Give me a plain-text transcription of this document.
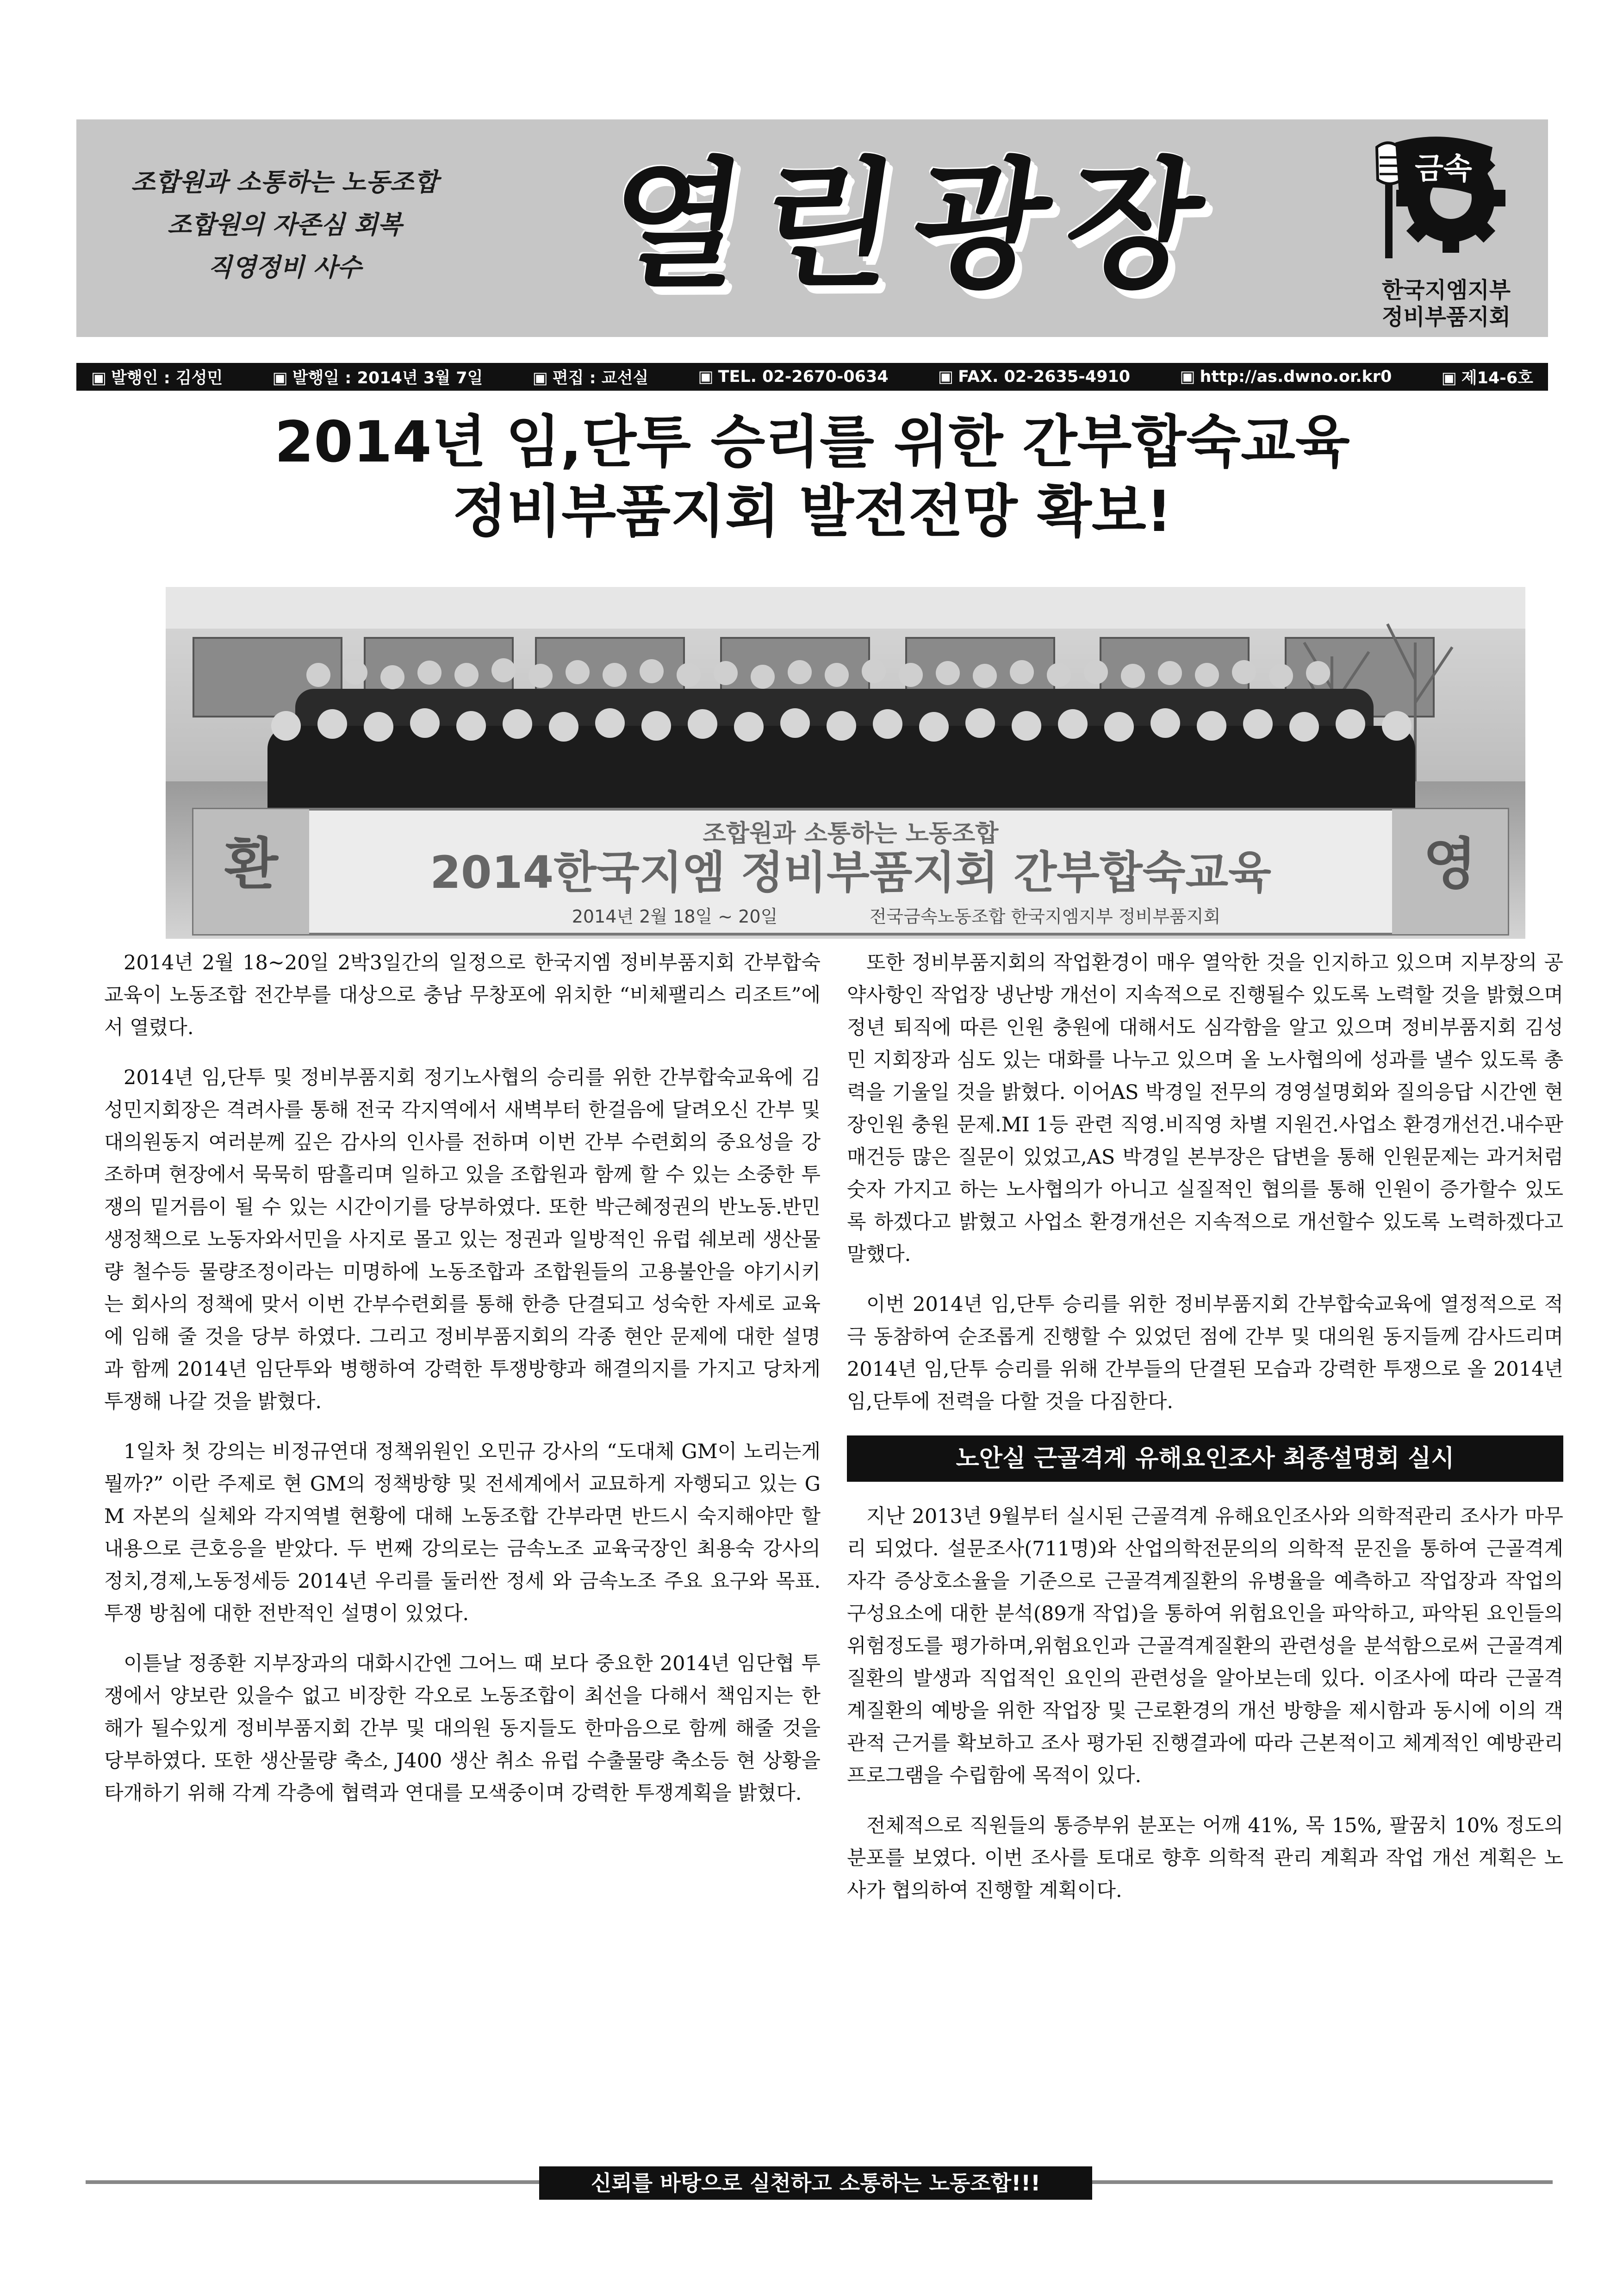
조합원과 소통하는 노동조합
조합원의 자존심 회복
직영정비 사수	열린광장	금속
한국지엠지부
정비부품지회
▣ 발행인 : 김성민	▣ 발행일 : 2014년 3월 7일	▣ 편집 : 교선실	▣ TEL. 02-2670-0634	▣ FAX. 02-2635-4910	▣ http://as.dwno.or.kr0	▣ 제14-6호
2014년 임,단투 승리를 위한 간부합숙교육
정비부품지회 발전전망 확보!
환	영
조합원과 소통하는 노동조합
2014한국지엠 정비부품지회 간부합숙교육
2014년 2월 18일 ~ 20일	전국금속노동조합 한국지엠지부 정비부품지회

2014년 2월 18~20일 2박3일간의 일정으로 한국지엠 정비부품지회 간부합숙교육이 노동조합 전간부를 대상으로 충남 무창포에 위치한 “비체팰리스 리조트”에서 열렸다.

2014년 임,단투 및 정비부품지회 정기노사협의 승리를 위한 간부합숙교육에 김성민지회장은 격려사를 통해 전국 각지역에서 새벽부터 한걸음에 달려오신 간부 및 대의원동지 여러분께 깊은 감사의 인사를 전하며 이번 간부 수련회의 중요성을 강조하며 현장에서 묵묵히 땀흘리며 일하고 있을 조합원과 함께 할 수 있는 소중한 투쟁의 밑거름이 될 수 있는 시간이기를 당부하였다. 또한 박근혜정권의 반노동.반민생정책으로 노동자와서민을 사지로 몰고 있는 정권과 일방적인 유럽 쉐보레 생산물량 철수등 물량조정이라는 미명하에 노동조합과 조합원들의 고용불안을 야기시키는 회사의 정책에 맞서 이번 간부수련회를 통해 한층 단결되고 성숙한 자세로 교육에 임해 줄 것을 당부 하였다. 그리고 정비부품지회의 각종 현안 문제에 대한 설명과 함께 2014년 임단투와 병행하여 강력한 투쟁방향과 해결의지를 가지고 당차게 투쟁해 나갈 것을 밝혔다.

1일차 첫 강의는 비정규연대 정책위원인 오민규 강사의 “도대체 GM이 노리는게 뭘까?” 이란 주제로 현 GM의 정책방향 및 전세계에서 교묘하게 자행되고 있는 GM 자본의 실체와 각지역별 현황에 대해 노동조합 간부라면 반드시 숙지해야만 할 내용으로 큰호응을 받았다. 두 번째 강의로는 금속노조 교육국장인 최용숙 강사의 정치,경제,노동정세등 2014년 우리를 둘러싼 정세 와 금속노조 주요 요구와 목표.투쟁 방침에 대한 전반적인 설명이 있었다.

이튿날 정종환 지부장과의 대화시간엔 그어느 때 보다 중요한 2014년 임단협 투쟁에서 양보란 있을수 없고 비장한 각오로 노동조합이 최선을 다해서 책임지는 한해가 될수있게 정비부품지회 간부 및 대의원 동지들도 한마음으로 함께 해줄 것을 당부하였다. 또한 생산물량 축소, J400 생산 취소 유럽 수출물량 축소등 현 상황을 타개하기 위해 각계 각층에 협력과 연대를 모색중이며 강력한 투쟁계획을 밝혔다.

또한 정비부품지회의 작업환경이 매우 열악한 것을 인지하고 있으며 지부장의 공약사항인 작업장 냉난방 개선이 지속적으로 진행될수 있도록 노력할 것을 밝혔으며 정년 퇴직에 따른 인원 충원에 대해서도 심각함을 알고 있으며 정비부품지회 김성민 지회장과 심도 있는 대화를 나누고 있으며 올 노사협의에 성과를 낼수 있도록 총력을 기울일 것을 밝혔다. 이어AS 박경일 전무의 경영설명회와 질의응답 시간엔 현장인원 충원 문제.MI 1등 관련 직영.비직영 차별 지원건.사업소 환경개선건.내수판매건등 많은 질문이 있었고,AS 박경일 본부장은 답변을 통해 인원문제는 과거처럼 숫자 가지고 하는 노사협의가 아니고 실질적인 협의를 통해 인원이 증가할수 있도록 하겠다고 밝혔고 사업소 환경개선은 지속적으로 개선할수 있도록 노력하겠다고 말했다.

이번 2014년 임,단투 승리를 위한 정비부품지회 간부합숙교육에 열정적으로 적극 동참하여 순조롭게 진행할 수 있었던 점에 간부 및 대의원 동지들께 감사드리며 2014년 임,단투 승리를 위해 간부들의 단결된 모습과 강력한 투쟁으로 올 2014년 임,단투에 전력을 다할 것을 다짐한다.

노안실 근골격계 유해요인조사 최종설명회 실시

지난 2013년 9월부터 실시된 근골격계 유해요인조사와 의학적관리 조사가 마무리 되었다. 설문조사(711명)와 산업의학전문의의 의학적 문진을 통하여 근골격계 자각 증상호소율을 기준으로 근골격계질환의 유병율을 예측하고 작업장과 작업의 구성요소에 대한 분석(89개 작업)을 통하여 위험요인을 파악하고, 파악된 요인들의 위험정도를 평가하며,위험요인과 근골격계질환의 관련성을 분석함으로써 근골격계질환의 발생과 직업적인 요인의 관련성을 알아보는데 있다. 이조사에 따라 근골격계질환의 예방을 위한 작업장 및 근로환경의 개선 방향을 제시함과 동시에 이의 객관적 근거를 확보하고 조사 평가된 진행결과에 따라 근본적이고 체계적인 예방관리프로그램을 수립함에 목적이 있다.

전체적으로 직원들의 통증부위 분포는 어깨 41%, 목 15%, 팔꿈치 10% 정도의 분포를 보였다. 이번 조사를 토대로 향후 의학적 관리 계획과 작업 개선 계획은 노사가 협의하여 진행할 계획이다.

신뢰를 바탕으로 실천하고 소통하는 노동조합!!!
